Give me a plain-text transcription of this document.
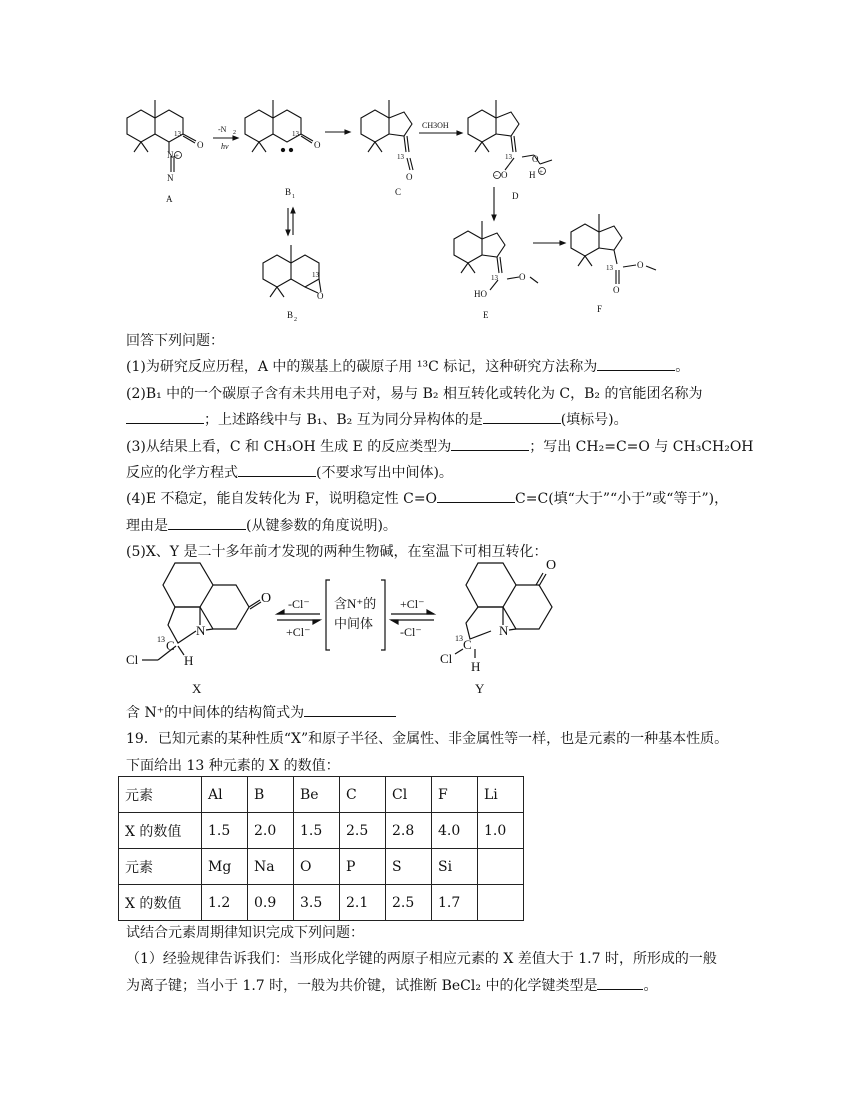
13
O
N
N
+
A
-N 2
hv
13
O
B 1
13
O
B 2
13
O
C
CH3OH
13
O H
O
−	+
D
13 O
HO
E
13
O
O
F
回答下列问题：
(1)为研究反应历程，A 中的羰基上的碳原子用 ¹³C 标记，这种研究方法称为	。
(2)B₁ 中的一个碳原子含有未共用电子对，易与 B₂ 相互转化或转化为 C，B₂ 的官能团名称为
；上述路线中与 B₁、B₂ 互为同分异构体的是	(填标号)。
(3)从结果上看，C 和 CH₃OH 生成 E 的反应类型为	；写出 CH₂=C=O 与 CH₃CH₂OH
反应的化学方程式	(不要求写出中间体)。
(4)E 不稳定，能自发转化为 F，说明稳定性 C=O	C=C(填“大于”“小于”或“等于”)，
理由是	(从键参数的角度说明)。
(5)X、Y 是二十多年前才发现的两种生物碱，在室温下可相互转化：
O
N
13 C
H
Cl
X
-Cl⁻
+Cl⁻
含N⁺的
中间体
+Cl⁻
-Cl⁻
O
N
13 C
Cl
H
Y
含 N⁺的中间体的结构简式为
19．已知元素的某种性质“X”和原子半径、金属性、非金属性等一样，也是元素的一种基本性质。
下面给出 13 种元素的 X 的数值：
元素	Al	B	Be	C	Cl	F	Li
X 的数值	1.5	2.0	1.5	2.5	2.8	4.0	1.0
元素	Mg	Na	O	P	S	Si	
X 的数值	1.2	0.9	3.5	2.1	2.5	1.7	
试结合元素周期律知识完成下列问题：
（1）经验规律告诉我们：当形成化学键的两原子相应元素的 X 差值大于 1.7 时，所形成的一般
为离子键；当小于 1.7 时，一般为共价键，试推断 BeCl₂ 中的化学键类型是	。
